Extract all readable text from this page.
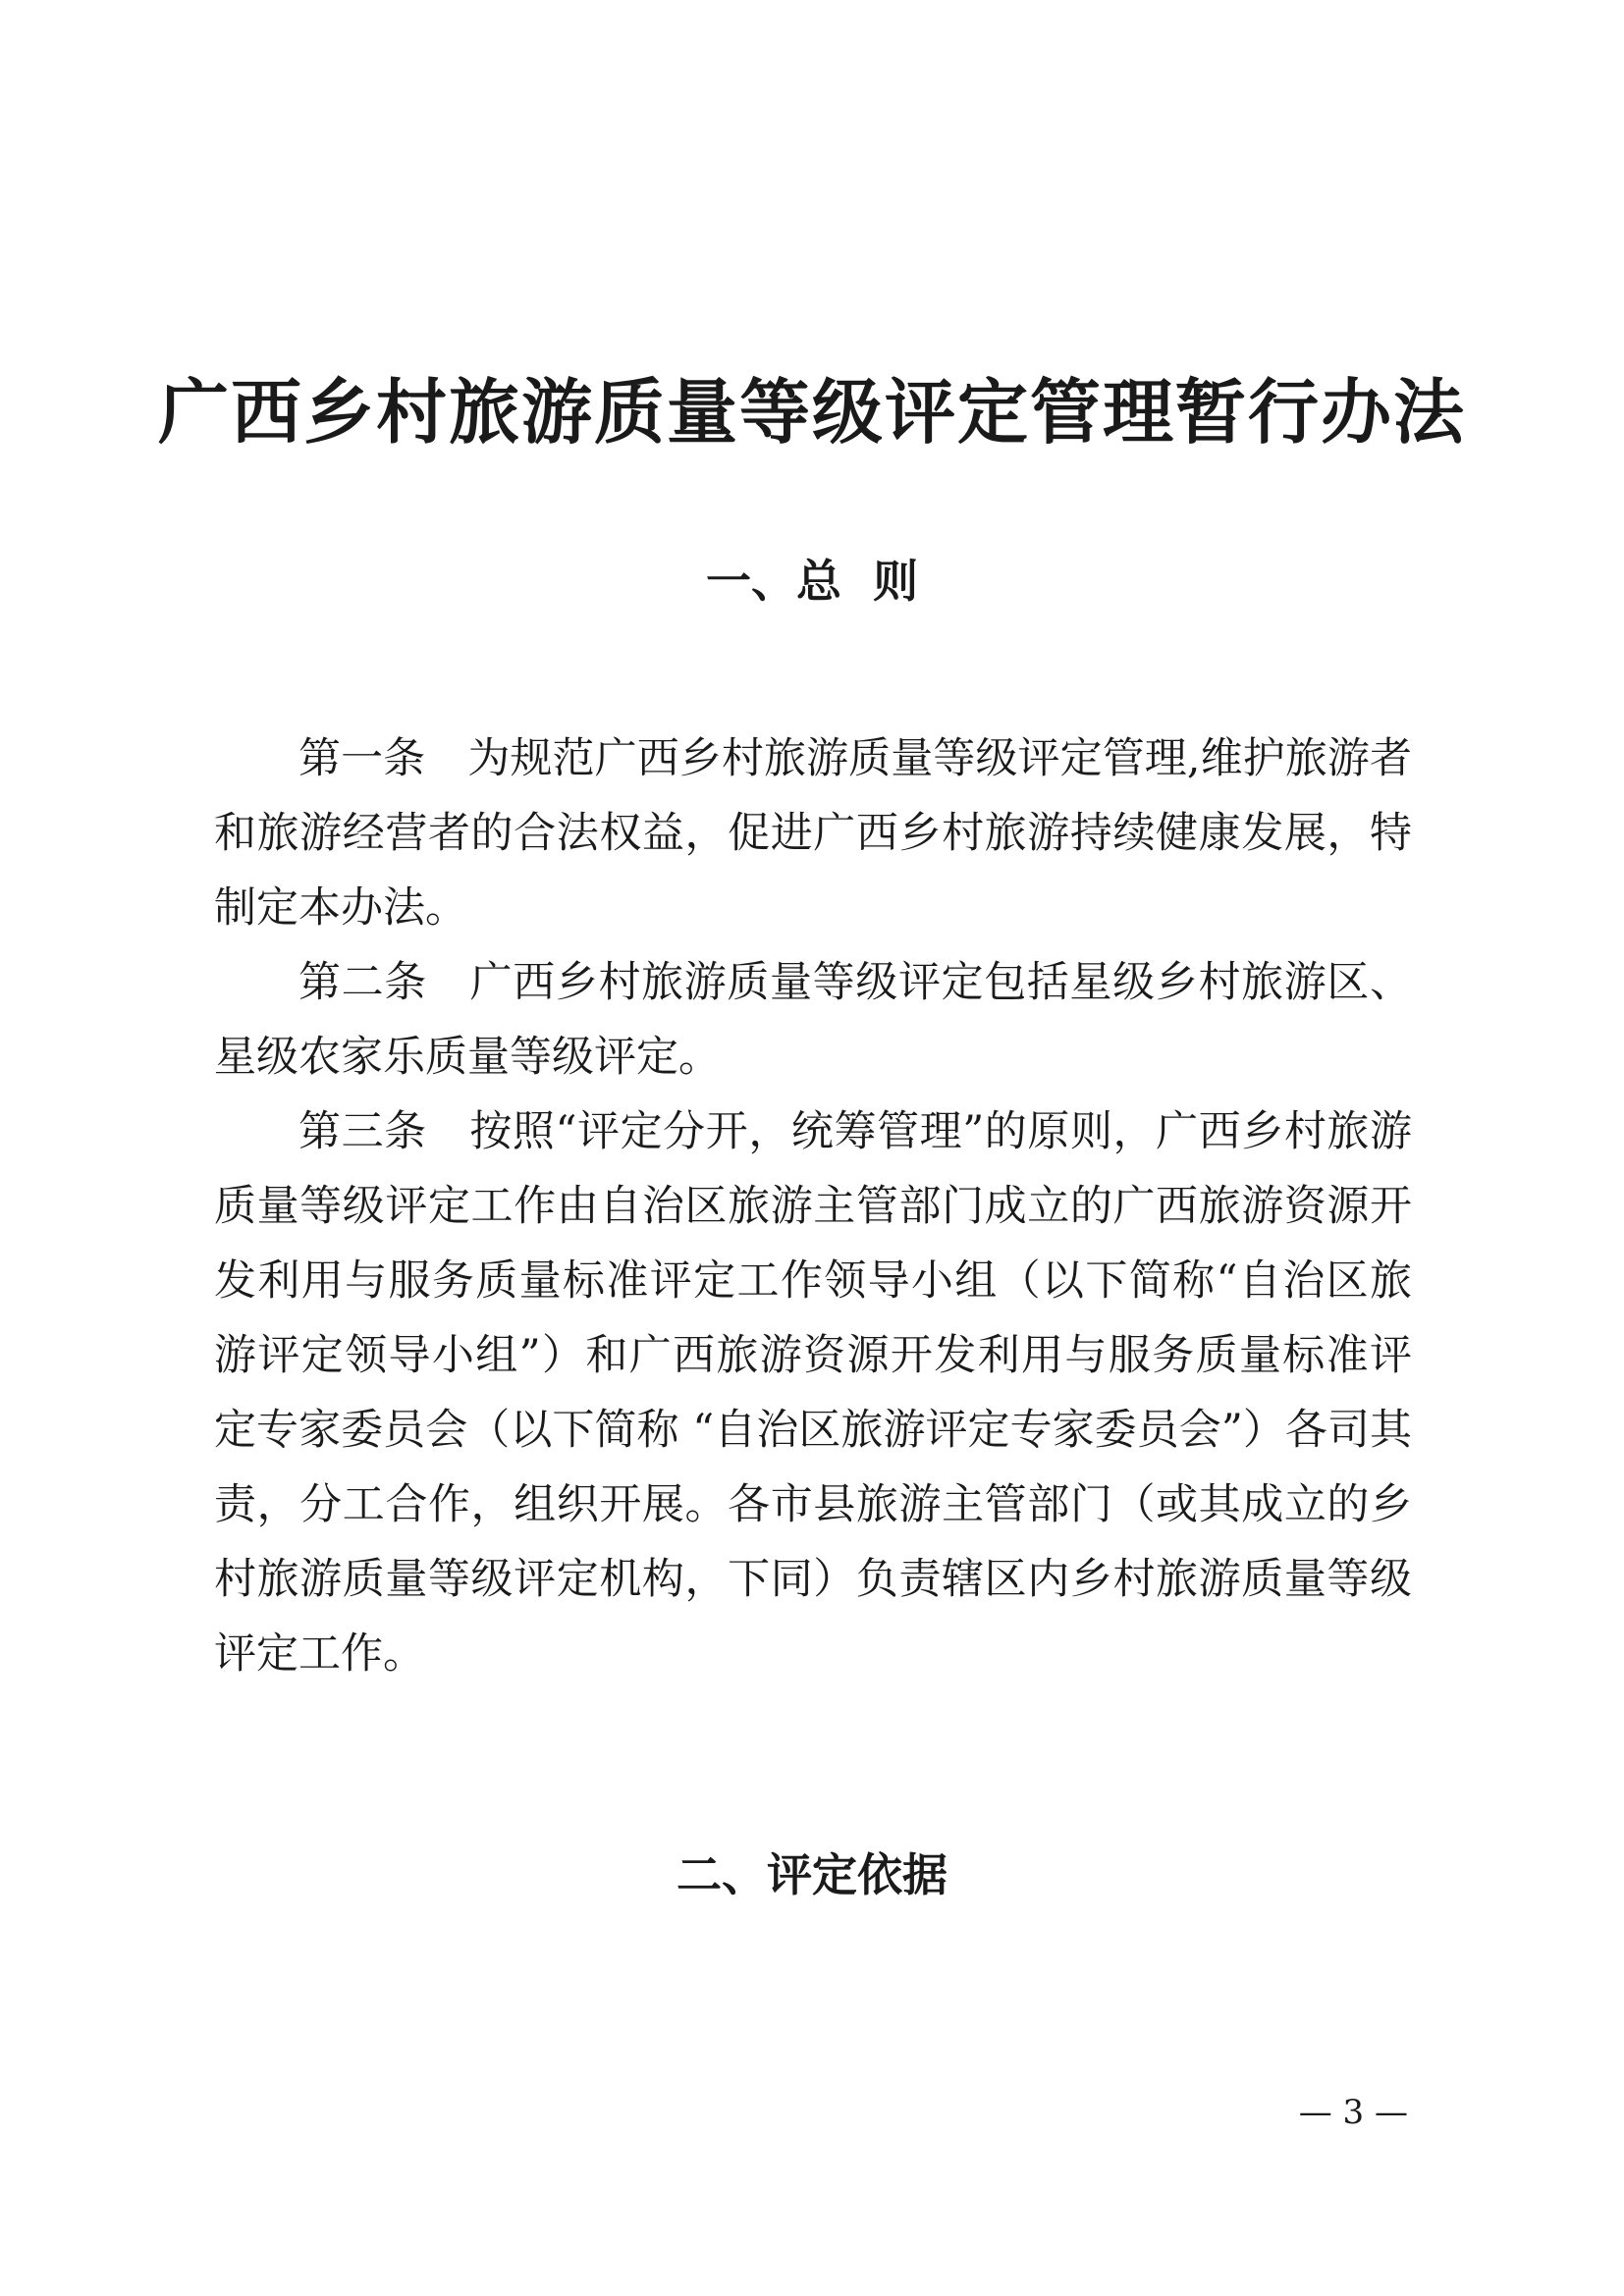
广西乡村旅游质量等级评定管理暂行办法
一、总  则

第一条  为规范广西乡村旅游质量等级评定管理,维护旅游者和旅游经营者的合法权益，促进广西乡村旅游持续健康发展，特制定本办法。

第二条  广西乡村旅游质量等级评定包括星级乡村旅游区、星级农家乐质量等级评定。

第三条  按照“评定分开，统筹管理”的原则，广西乡村旅游质量等级评定工作由自治区旅游主管部门成立的广西旅游资源开发利用与服务质量标准评定工作领导小组（以下简称“自治区旅游评定领导小组”）和广西旅游资源开发利用与服务质量标准评定专家委员会（以下简称 “自治区旅游评定专家委员会”）各司其责，分工合作，组织开展。各市县旅游主管部门（或其成立的乡村旅游质量等级评定机构，下同）负责辖区内乡村旅游质量等级评定工作。

二、评定依据
— 3 —
